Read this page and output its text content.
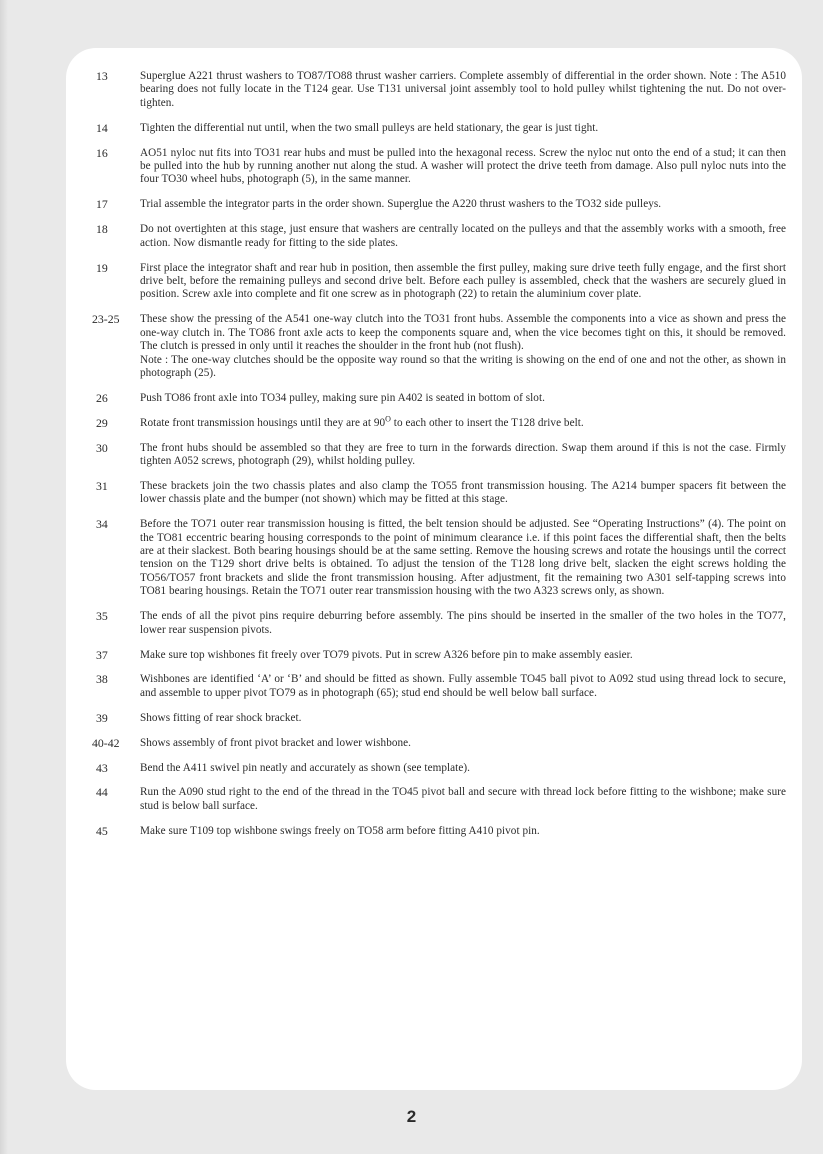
13	Superglue A221 thrust washers to TO87/TO88 thrust washer carriers. Complete assembly of differential in the order shown. Note : The A510 bearing does not fully locate in the T124 gear. Use T131 universal joint assembly tool to hold pulley whilst tightening the nut. Do not over-tighten.

14	Tighten the differential nut until, when the two small pulleys are held stationary, the gear is just tight.

16	AO51 nyloc nut fits into TO31 rear hubs and must be pulled into the hexagonal recess. Screw the nyloc nut onto the end of a stud; it can then be pulled into the hub by running another nut along the stud. A washer will protect the drive teeth from damage. Also pull nyloc nuts into the four TO30 wheel hubs, photograph (5), in the same manner.

17	Trial assemble the integrator parts in the order shown. Superglue the A220 thrust washers to the TO32 side pulleys.

18	Do not overtighten at this stage, just ensure that washers are centrally located on the pulleys and that the assembly works with a smooth, free action. Now dismantle ready for fitting to the side plates.

19	First place the integrator shaft and rear hub in position, then assemble the first pulley, making sure drive teeth fully engage, and the first short drive belt, before the remaining pulleys and second drive belt. Before each pulley is assembled, check that the washers are securely glued in position. Screw axle into complete and fit one screw as in photograph (22) to retain the aluminium cover plate.

23-25	These show the pressing of the A541 one-way clutch into the TO31 front hubs. Assemble the components into a vice as shown and press the one-way clutch in. The TO86 front axle acts to keep the components square and, when the vice becomes tight on this, it should be removed. The clutch is pressed in only until it reaches the shoulder in the front hub (not flush).

Note : The one-way clutches should be the opposite way round so that the writing is showing on the end of one and not the other, as shown in photograph (25).

26	Push TO86 front axle into TO34 pulley, making sure pin A402 is seated in bottom of slot.

29	Rotate front transmission housings until they are at $90^O$ to each other to insert the T128 drive belt.

30	The front hubs should be assembled so that they are free to turn in the forwards direction. Swap them around if this is not the case. Firmly tighten A052 screws, photograph (29), whilst holding pulley.

31	These brackets join the two chassis plates and also clamp the TO55 front transmission housing. The A214 bumper spacers fit between the lower chassis plate and the bumper (not shown) which may be fitted at this stage.

34	Before the TO71 outer rear transmission housing is fitted, the belt tension should be adjusted. See “Operating Instructions” (4). The point on the TO81 eccentric bearing housing corresponds to the point of minimum clearance i.e. if this point faces the differential shaft, then the belts are at their slackest. Both bearing housings should be at the same setting. Remove the housing screws and rotate the housings until the correct tension on the T129 short drive belts is obtained. To adjust the tension of the T128 long drive belt, slacken the eight screws holding the TO56/TO57 front brackets and slide the front transmission housing. After adjustment, fit the remaining two A301 self-tapping screws into TO81 bearing housings. Retain the TO71 outer rear transmission housing with the two A323 screws only, as shown.

35	The ends of all the pivot pins require deburring before assembly. The pins should be inserted in the smaller of the two holes in the TO77, lower rear suspension pivots.

37	Make sure top wishbones fit freely over TO79 pivots. Put in screw A326 before pin to make assembly easier.

38	Wishbones are identified ‘A’ or ‘B’ and should be fitted as shown. Fully assemble TO45 ball pivot to A092 stud using thread lock to secure, and assemble to upper pivot TO79 as in photograph (65); stud end should be well below ball surface.

39	Shows fitting of rear shock bracket.

40-42	Shows assembly of front pivot bracket and lower wishbone.

43	Bend the A411 swivel pin neatly and accurately as shown (see template).

44	Run the A090 stud right to the end of the thread in the TO45 pivot ball and secure with thread lock before fitting to the wishbone; make sure stud is below ball surface.

45	Make sure T109 top wishbone swings freely on TO58 arm before fitting A410 pivot pin.

2
